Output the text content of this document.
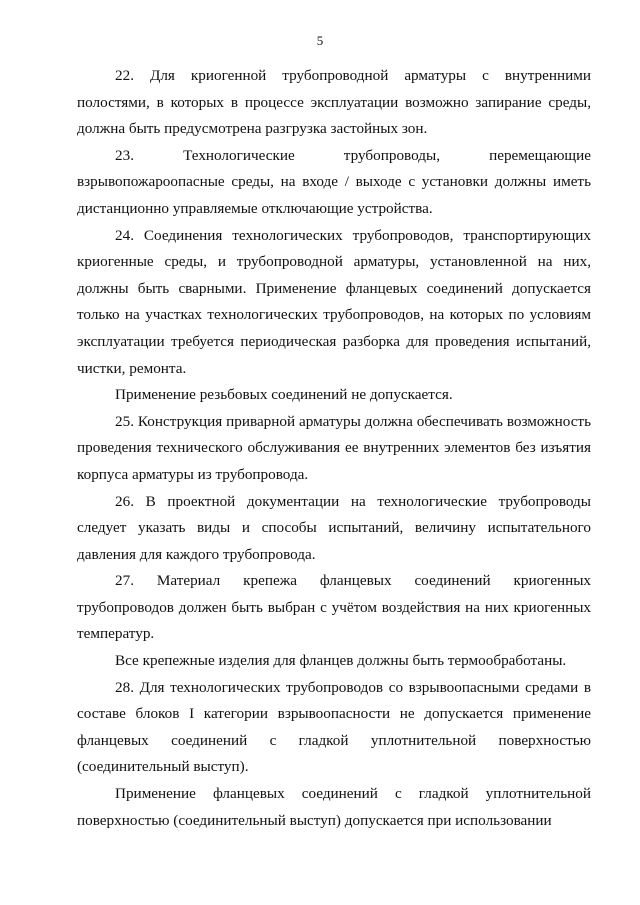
5

22. Для криогенной трубопроводной арматуры с внутренними полостями, в которых в процессе эксплуатации возможно запирание среды, должна быть предусмотрена разгрузка застойных зон.

23. Технологические трубопроводы, перемещающие взрывопожароопасные среды, на входе / выходе с установки должны иметь дистанционно управляемые отключающие устройства.

24. Соединения технологических трубопроводов, транспортирующих криогенные среды, и трубопроводной арматуры, установленной на них, должны быть сварными. Применение фланцевых соединений допускается только на участках технологических трубопроводов, на которых по условиям эксплуатации требуется периодическая разборка для проведения испытаний, чистки, ремонта.

Применение резьбовых соединений не допускается.

25. Конструкция приварной арматуры должна обеспечивать возможность проведения технического обслуживания ее внутренних элементов без изъятия корпуса арматуры из трубопровода.

26. В проектной документации на технологические трубопроводы следует указать виды и способы испытаний, величину испытательного давления для каждого трубопровода.

27. Материал крепежа фланцевых соединений криогенных трубопроводов должен быть выбран с учётом воздействия на них криогенных температур.

Все крепежные изделия для фланцев должны быть термообработаны.

28. Для технологических трубопроводов со взрывоопасными средами в составе блоков I категории взрывоопасности не допускается применение фланцевых соединений с гладкой уплотнительной поверхностью (соединительный выступ).

Применение фланцевых соединений с гладкой уплотнительной поверхностью (соединительный выступ) допускается при использовании
